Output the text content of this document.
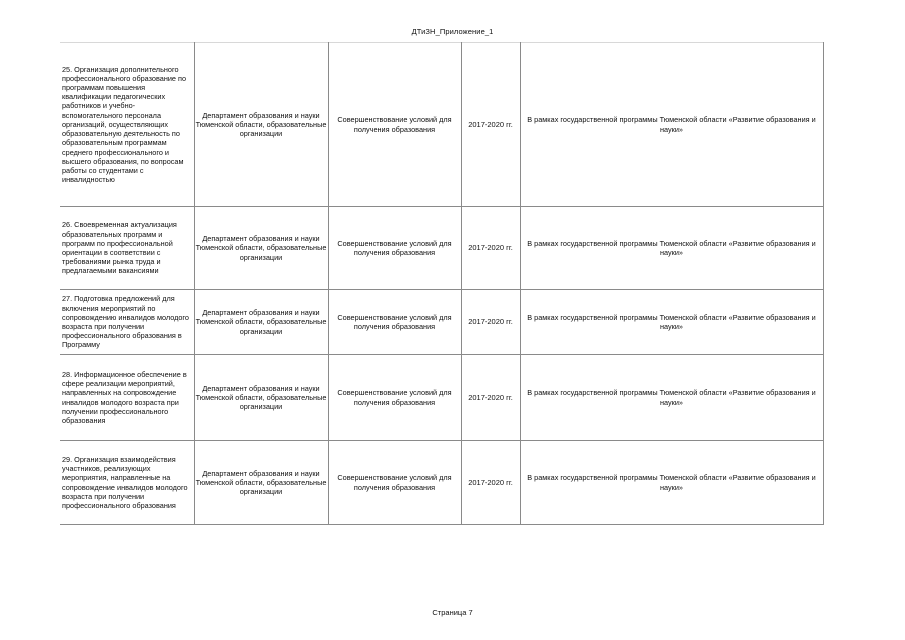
ДТиЗН_Приложение_1
25. Организация дополнительного профессионального образование по программам повышения квалификации педагогических работников и учебно-вспомогательного персонала организаций, осуществляющих образовательную деятельность по образовательным программам среднего профессионального и высшего образования, по вопросам работы со студентами с инвалидностью	Департамент образования и науки Тюменской области, образовательные организации	Совершенствование условий для получения образования	2017-2020 гг.	В рамках государственной программы Тюменской области «Развитие образования и науки»
26. Своевременная актуализация образовательных программ и программ по профессиональной ориентации в соответствии с требованиями рынка труда и предлагаемыми вакансиями	Департамент образования и науки Тюменской области, образовательные организации	Совершенствование условий для получения образования	2017-2020 гг.	В рамках государственной программы Тюменской области «Развитие образования и науки»
27. Подготовка предложений для включения мероприятий по сопровождению инвалидов молодого возраста при получении профессионального образования в Программу	Департамент образования и науки Тюменской области, образовательные организации	Совершенствование условий для получения образования	2017-2020 гг.	В рамках государственной программы Тюменской области «Развитие образования и науки»
28. Информационное обеспечение в сфере реализации мероприятий, направленных на сопровождение инвалидов молодого возраста при получении профессионального образования	Департамент образования и науки Тюменской области, образовательные организации	Совершенствование условий для получения образования	2017-2020 гг.	В рамках государственной программы Тюменской области «Развитие образования и науки»
29. Организация взаимодействия участников, реализующих мероприятия, направленные на сопровождение инвалидов молодого возраста при получении профессионального образования	Департамент образования и науки Тюменской области, образовательные организации	Совершенствование условий для получения образования	2017-2020 гг.	В рамках государственной программы Тюменской области «Развитие образования и науки»
Страница 7
